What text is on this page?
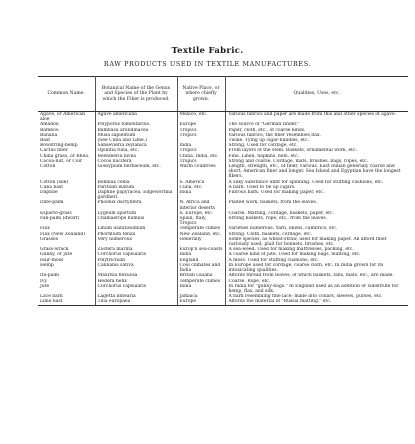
Textile Fabric.
RAW PRODUCTS USED IN TEXTILE MANUFACTURES.
Common Name.	Botanical Name of the Genus and Species of the Plant by which the Fiber is produced.	Native Place, or where chiefly grown.	Qualities, Uses, etc.
Agave, or American aloe	Agave americana	Mexico, etc.	Various fabrics and paper are made from this and other species of agave.
Amadou	Polyporus fomentarius.	Europe	The source of "German tinder."
Bamboo	Bambusa arundinacea	Tropics	Paper, cloth, etc., of coarse kinds.
Banana	Musa sapientum	Tropics	Various fabrics; the fiber resembles flax.
Bast	(See Cuba and Lime.)		Twine. Tying up cigar-bundles, etc.
Bowstring-hemp	Sansevieria zeylanica	India	Strong. Used for cordage, etc.
Cactus fiber	Opuntia tuna, etc.	Tropics	From layers of the stem. Baskets, ornamental work, etc.
China grass, or Rhea.	Boehmeria nivea	China, India, etc.	Fine. Linen, napkins, nets, etc.
Cocoa-nut, or Coir	Cocos nucifera	Tropics	Strong and coarse. Cordage, mats, brushes, bags, ropes, etc.
Cotton	Gossypium herbaceum, etc.	Warm countries	Length, strength, etc., of fiber, various. East Indian generally coarse and short; American finer and longer. Sea Island and Egyptian have the longest fibers.
Cotton (silk)	Bombax ceiba	S. America	A silky substance unfit for spinning. Used for stuffing cushions, etc.
Cuba bast	Paritium elatum	Cuba, etc.	A bark. Used to tie up cigars.
Daphne	Daphne papyracea, Edgeworthia gardneri.	India	Fibrous bark. Used for making paper, etc.
Date-palm	Phoenix dactylifera	N. Africa and interior deserts	Plaited work, baskets, from the leaves.
Esparto-grass	Lygeum spartum	S. Europe, etc.	Coarse. Matting, cordage, baskets, paper, etc.
Fan-palm (dwarf)	Chamaerops humilis	Spain, Italy, Tropics	Strong baskets, rope, etc., from the leaves.
Flax	Linum usitatissimum	Temperate climes	Varieties numerous. Yarn, linens, cambrics, etc.
Flax (New Zealand)	Phormium tenax	New Zealand, etc.	Strong. Cloth, baskets, cordage, etc.
Grasses	Very numerous	Generally	Some species, as wheat-straw, used for making paper. All afford fiber variously used; plait for bonnets, brushes, etc.
Grass-wrack	Zostera marina	Europ'n sea-coasts	A sea-weed. Used for making mattresses, packing, etc.
Gunny, or jute	Corchorus capsularis	India	A coarse kind of jute. Used for making bags, matting, etc.
Hair-moss	Polytrichum	England	A moss. Used for stuffing cushions, etc.
Hemp	Cannabis sativa	Cool climates and India	In Europe used for cordage, coarse cloth, etc. In India grown for its intoxicating qualities.
Ita-palm	Mauritia flexuosa	British Guiana	Affords thread from leaves; of which baskets, fans, mats, etc., are made.
Ivy	Hedera helix	Temperate climes	Coarse. Rope, etc.
Jute	Corchorus capsularis	India	In India for "gunny-bags." In England used as an addition or substitute for hemp, flax, and silk.
Lace bark	Lagetta lintearia	Jamaica	A bark resembling fine lace; made into collars, sleeves, purses, etc.
Lime bast	Tilia europaea	Europe	Affords the material of "Russia matting," etc.
